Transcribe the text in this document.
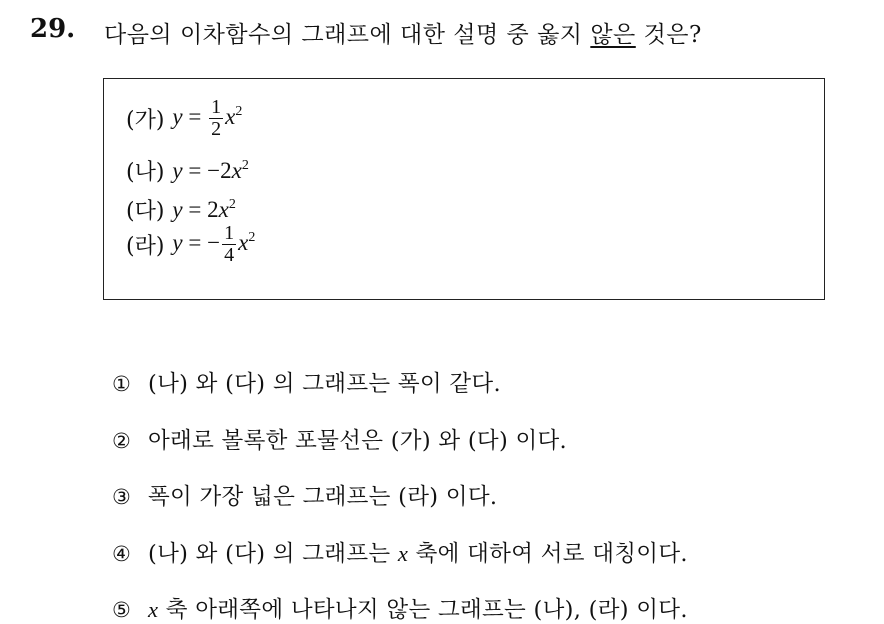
29. 다음의 이차함수의 그래프에 대한 설명 중 옳지 않은 것은?
(가) $y = \frac{1}{2} x^2$
(나) $y = -2x^2$
(다) $y = 2x^2$
(라) y = − $\frac{1}{4} x^2$
① (나) 와 (다) 의 그래프는 폭이 같다.
② 아래로 볼록한 포물선은 (가) 와 (다) 이다.
③ 폭이 가장 넓은 그래프는 (라) 이다.
④ (나) 와 (다) 의 그래프는 x 축에 대하여 서로 대칭이다.
⑤ x 축 아래쪽에 나타나지 않는 그래프는 (나), (라) 이다.
